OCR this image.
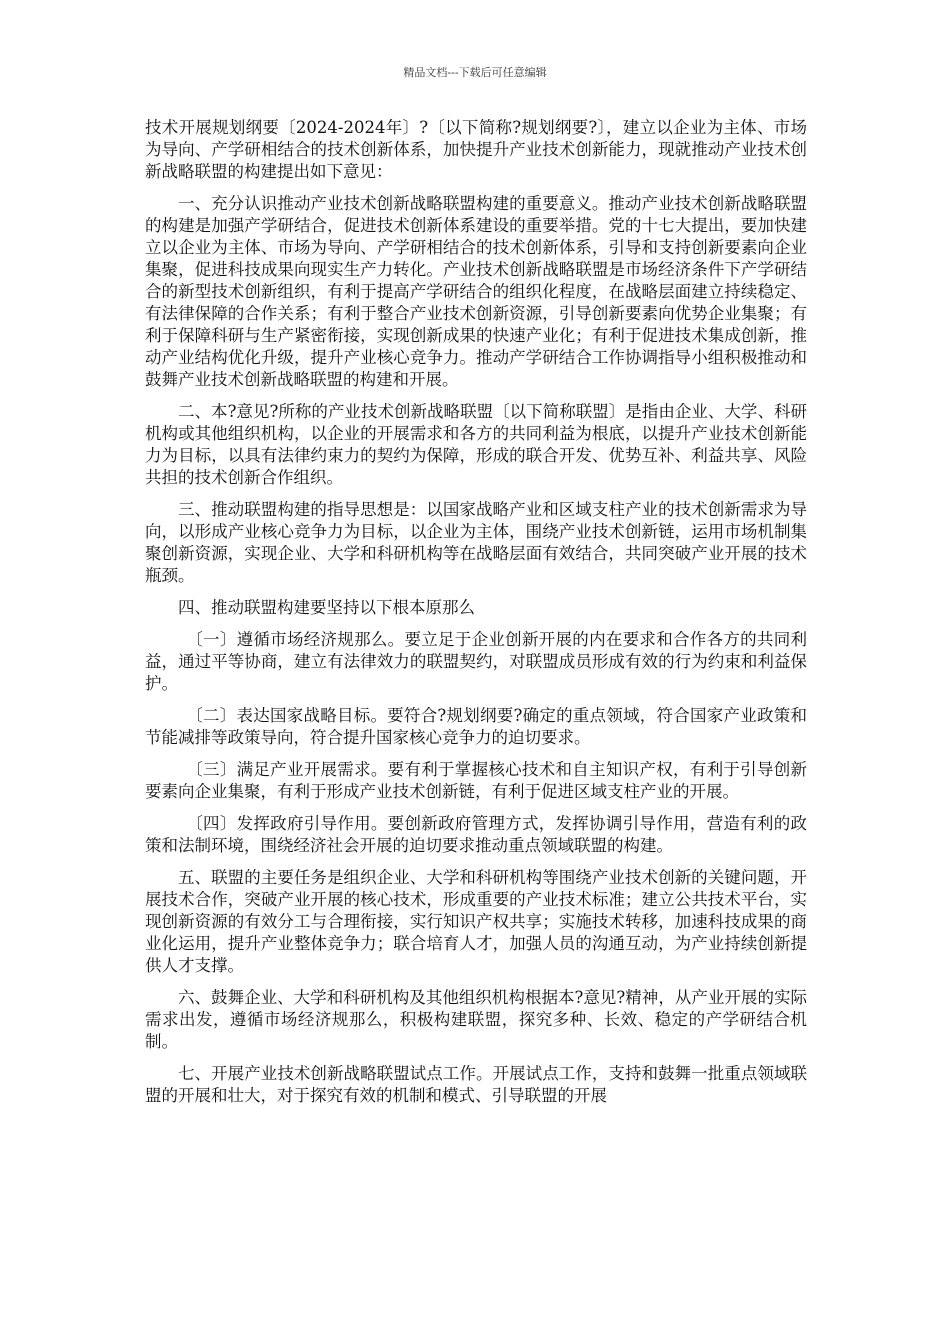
精品文档---下载后可任意编辑

技术开展规划纲要〔2024-2024年〕?〔以下简称?规划纲要?〕，建立以企业为主体、市场为导向、产学研相结合的技术创新体系，加快提升产业技术创新能力，现就推动产业技术创新战略联盟的构建提出如下意见：

一、充分认识推动产业技术创新战略联盟构建的重要意义。推动产业技术创新战略联盟的构建是加强产学研结合，促进技术创新体系建设的重要举措。党的十七大提出，要加快建立以企业为主体、市场为导向、产学研相结合的技术创新体系，引导和支持创新要素向企业集聚，促进科技成果向现实生产力转化。产业技术创新战略联盟是市场经济条件下产学研结合的新型技术创新组织，有利于提高产学研结合的组织化程度，在战略层面建立持续稳定、有法律保障的合作关系；有利于整合产业技术创新资源，引导创新要素向优势企业集聚；有利于保障科研与生产紧密衔接，实现创新成果的快速产业化；有利于促进技术集成创新，推动产业结构优化升级，提升产业核心竞争力。推动产学研结合工作协调指导小组积极推动和鼓舞产业技术创新战略联盟的构建和开展。

二、本?意见?所称的产业技术创新战略联盟〔以下简称联盟〕是指由企业、大学、科研机构或其他组织机构，以企业的开展需求和各方的共同利益为根底，以提升产业技术创新能力为目标，以具有法律约束力的契约为保障，形成的联合开发、优势互补、利益共享、风险共担的技术创新合作组织。

三、推动联盟构建的指导思想是：以国家战略产业和区域支柱产业的技术创新需求为导向，以形成产业核心竞争力为目标，以企业为主体，围绕产业技术创新链，运用市场机制集聚创新资源，实现企业、大学和科研机构等在战略层面有效结合，共同突破产业开展的技术瓶颈。

四、推动联盟构建要坚持以下根本原那么

〔一〕遵循市场经济规那么。要立足于企业创新开展的内在要求和合作各方的共同利益，通过平等协商，建立有法律效力的联盟契约，对联盟成员形成有效的行为约束和利益保护。

〔二〕表达国家战略目标。要符合?规划纲要?确定的重点领域，符合国家产业政策和节能减排等政策导向，符合提升国家核心竞争力的迫切要求。

〔三〕满足产业开展需求。要有利于掌握核心技术和自主知识产权，有利于引导创新要素向企业集聚，有利于形成产业技术创新链，有利于促进区域支柱产业的开展。

〔四〕发挥政府引导作用。要创新政府管理方式，发挥协调引导作用，营造有利的政策和法制环境，围绕经济社会开展的迫切要求推动重点领域联盟的构建。

五、联盟的主要任务是组织企业、大学和科研机构等围绕产业技术创新的关键问题，开展技术合作，突破产业开展的核心技术，形成重要的产业技术标准；建立公共技术平台，实现创新资源的有效分工与合理衔接，实行知识产权共享；实施技术转移，加速科技成果的商业化运用，提升产业整体竞争力；联合培育人才，加强人员的沟通互动，为产业持续创新提供人才支撑。

六、鼓舞企业、大学和科研机构及其他组织机构根据本?意见?精神，从产业开展的实际需求出发，遵循市场经济规那么，积极构建联盟，探究多种、长效、稳定的产学研结合机制。

七、开展产业技术创新战略联盟试点工作。开展试点工作，支持和鼓舞一批重点领域联盟的开展和壮大，对于探究有效的机制和模式、引导联盟的开展
